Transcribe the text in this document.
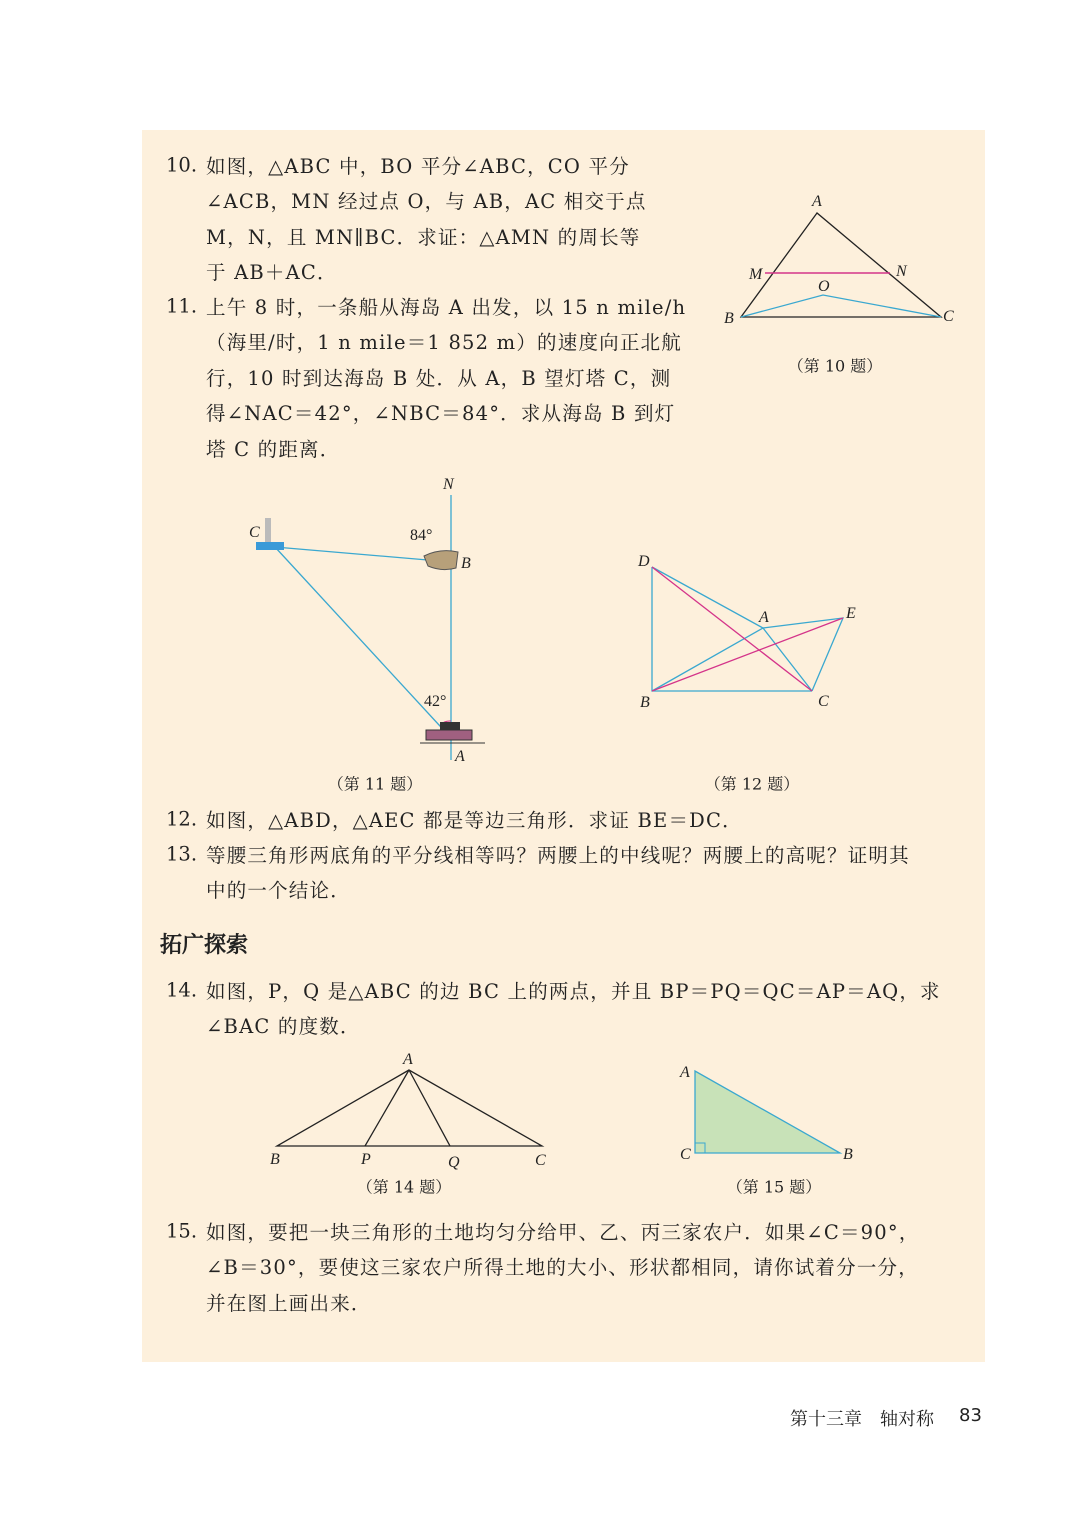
10. 如图，△ABC 中，BO 平分∠ABC，CO 平分
∠ACB，MN 经过点 O，与 AB，AC 相交于点
M，N，且 MN∥BC．求证：△AMN 的周长等
于 AB＋AC．
11. 上午 8 时，一条船从海岛 A 出发，以 15 n mile/h
（海里/时，1 n mile＝1 852 m）的速度向正北航
行，10 时到达海岛 B 处．从 A，B 望灯塔 C，测
得∠NAC＝42°，∠NBC＝84°．求从海岛 B 到灯
塔 C 的距离．
12. 如图，△ABD，△AEC 都是等边三角形．求证 BE＝DC．
13. 等腰三角形两底角的平分线相等吗？两腰上的中线呢？两腰上的高呢？证明其
中的一个结论．
拓广探索
14. 如图，P，Q 是△ABC 的边 BC 上的两点，并且 BP＝PQ＝QC＝AP＝AQ，求
∠BAC 的度数．
15. 如图，要把一块三角形的土地均匀分给甲、乙、丙三家农户．如果∠C＝90°，
∠B＝30°，要使这三家农户所得土地的大小、形状都相同，请你试着分一分，
并在图上画出来．
A
M	N
O
B	C
N
C	84°
B
42°
A
D
A	E
B	C
A
B	P	Q	C
A
C	B
（第 10 题）
（第 11 题）	（第 12 题）
（第 14 题）	（第 15 题）
第十三章　轴对称 83
